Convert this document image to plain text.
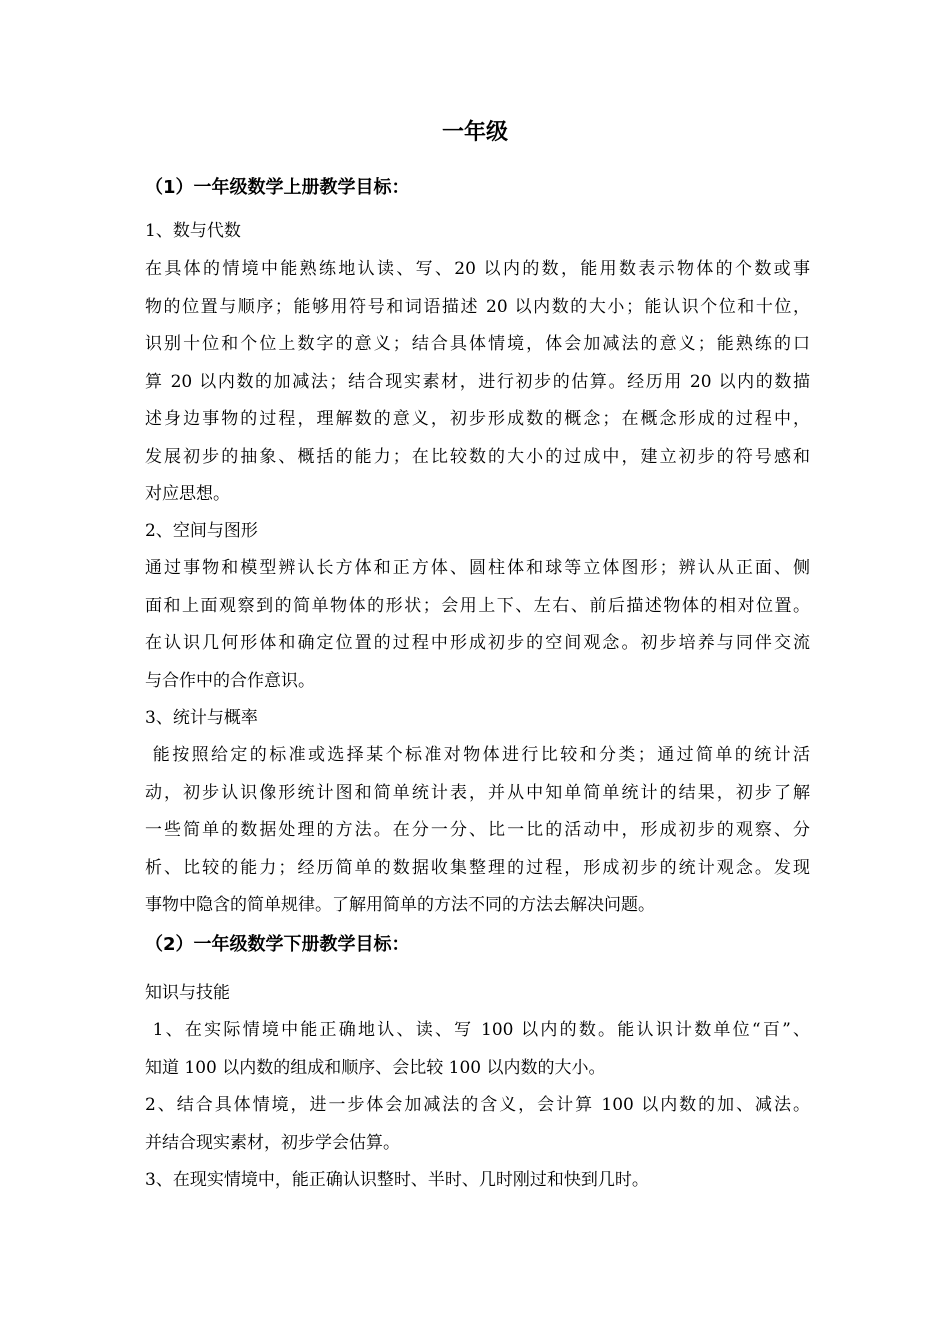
一年级
（1）一年级数学上册教学目标：
1、数与代数
在具体的情境中能熟练地认读、写、20 以内的数，能用数表示物体的个数或事
物的位置与顺序；能够用符号和词语描述 20 以内数的大小；能认识个位和十位，
识别十位和个位上数字的意义；结合具体情境，体会加减法的意义；能熟练的口
算 20 以内数的加减法；结合现实素材，进行初步的估算。经历用 20 以内的数描
述身边事物的过程，理解数的意义，初步形成数的概念；在概念形成的过程中，
发展初步的抽象、概括的能力；在比较数的大小的过成中，建立初步的符号感和
对应思想。
2、空间与图形
通过事物和模型辨认长方体和正方体、圆柱体和球等立体图形；辨认从正面、侧
面和上面观察到的简单物体的形状；会用上下、左右、前后描述物体的相对位置。
在认识几何形体和确定位置的过程中形成初步的空间观念。初步培养与同伴交流
与合作中的合作意识。
3、统计与概率
能按照给定的标准或选择某个标准对物体进行比较和分类；通过简单的统计活
动，初步认识像形统计图和简单统计表，并从中知单简单统计的结果，初步了解
一些简单的数据处理的方法。在分一分、比一比的活动中，形成初步的观察、分
析、比较的能力；经历简单的数据收集整理的过程，形成初步的统计观念。发现
事物中隐含的简单规律。了解用简单的方法不同的方法去解决问题。
（2）一年级数学下册教学目标：
知识与技能
1、在实际情境中能正确地认、读、写 100 以内的数。能认识计数单位“百”、
知道 100 以内数的组成和顺序、会比较 100 以内数的大小。
2、结合具体情境，进一步体会加减法的含义，会计算 100 以内数的加、减法。
并结合现实素材，初步学会估算。
3、在现实情境中，能正确认识整时、半时、几时刚过和快到几时。
